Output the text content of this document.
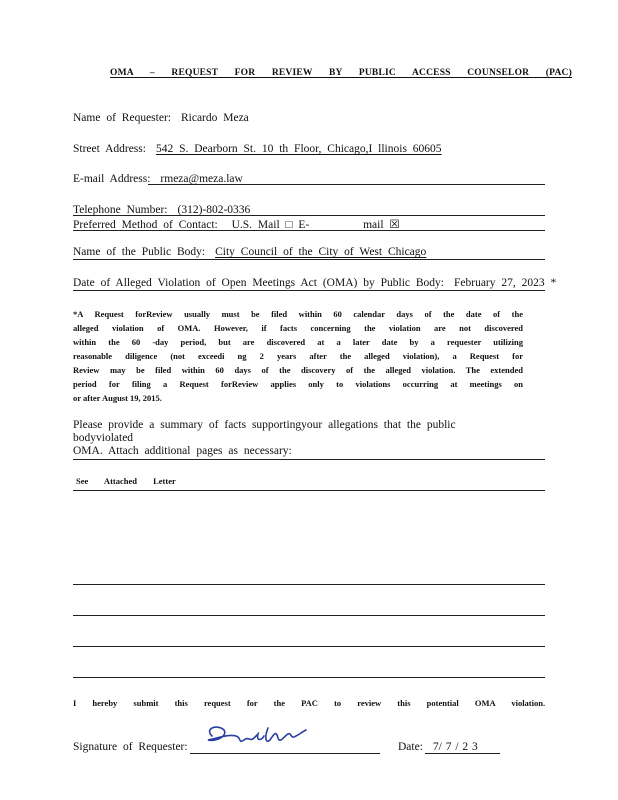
OMA – REQUEST FOR REVIEW BY PUBLIC ACCESS COUNSELOR (PAC)
Name of Requester: Ricardo Meza
Street Address: 542 S. Dearborn St. 10 th Floor, Chicago,I llinois 60605
E-mail Address: rmeza@meza.law
Telephone Number: (312)-802-0336
Preferred Method of Contact: U.S. Mail □ E-	mail ☒
Name of the Public Body: City Council of the City of West Chicago
Date of Alleged Violation of Open Meetings Act (OMA) by Public Body: February 27, 2023 *
*A Request forReview usually must be filed within 60 calendar days of the date of the
alleged violation of OMA. However, if facts concerning the violation are not discovered
within the 60 -day period, but are discovered at a later date by a requester utilizing
reasonable diligence (not exceedi ng 2 years after the alleged violation), a Request for
Review may be filed within 60 days of the discovery of the alleged violation. The extended
period for filing a Request forReview applies only to violations occurring at meetings on
or after August 19, 2015.
Please provide a summary of facts supportingyour allegations that the public bodyviolated
OMA. Attach additional pages as necessary:
See Attached Letter
I hereby submit this request for the PAC to review this potential OMA violation.
Signature of Requester:	Date: 7/ 7 / 2 3
